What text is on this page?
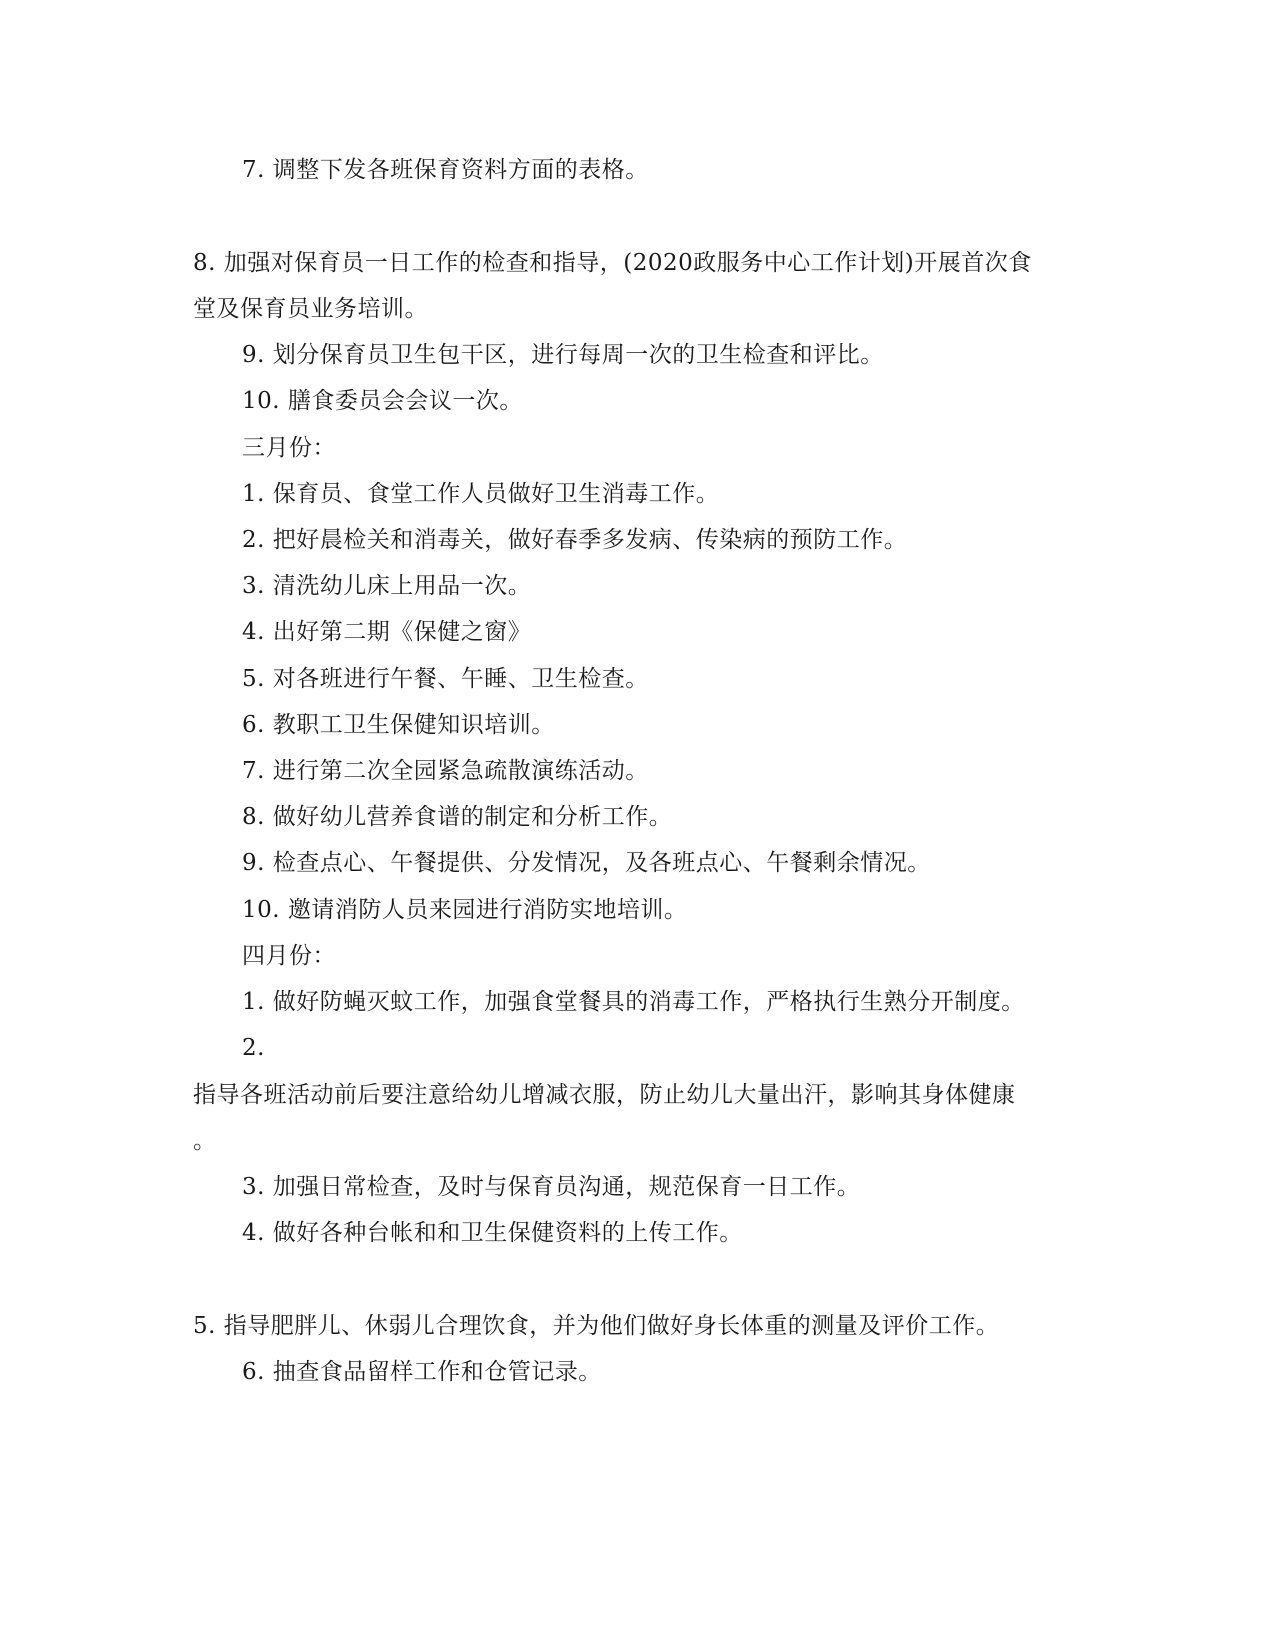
7. 调整下发各班保育资料方面的表格。
8. 加强对保育员一日工作的检查和指导，(2020政服务中心工作计划)开展首次食
堂及保育员业务培训。
9. 划分保育员卫生包干区，进行每周一次的卫生检查和评比。
10. 膳食委员会会议一次。
三月份：
1. 保育员、食堂工作人员做好卫生消毒工作。
2. 把好晨检关和消毒关，做好春季多发病、传染病的预防工作。
3. 清洗幼儿床上用品一次。
4. 出好第二期《保健之窗》
5. 对各班进行午餐、午睡、卫生检查。
6. 教职工卫生保健知识培训。
7. 进行第二次全园紧急疏散演练活动。
8. 做好幼儿营养食谱的制定和分析工作。
9. 检查点心、午餐提供、分发情况，及各班点心、午餐剩余情况。
10. 邀请消防人员来园进行消防实地培训。
四月份：
1. 做好防蝇灭蚊工作，加强食堂餐具的消毒工作，严格执行生熟分开制度。
2.
指导各班活动前后要注意给幼儿增减衣服，防止幼儿大量出汗，影响其身体健康
。
3. 加强日常检查，及时与保育员沟通，规范保育一日工作。
4. 做好各种台帐和和卫生保健资料的上传工作。
5. 指导肥胖儿、休弱儿合理饮食，并为他们做好身长体重的测量及评价工作。
6. 抽查食品留样工作和仓管记录。
